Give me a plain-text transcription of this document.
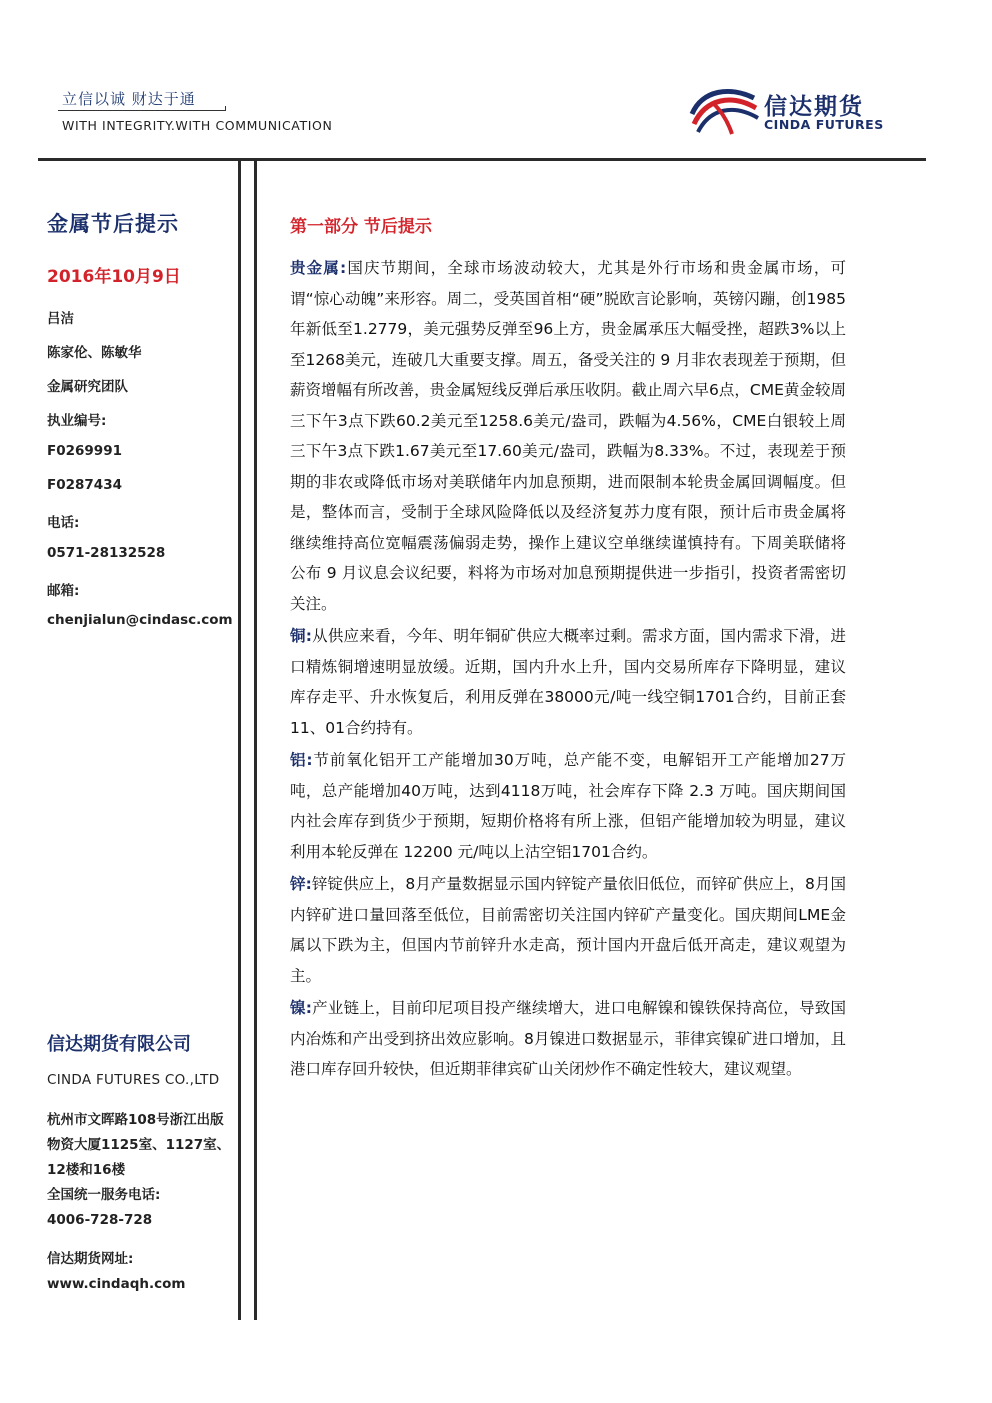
立信以诚 财达于通
WITH INTEGRITY.WITH COMMUNICATION
信达期货
CINDA FUTURES
金属节后提示
2016年10月9日
吕洁
陈家伦、陈敏华
金属研究团队
执业编号:
F0269991
F0287434
电话:
0571-28132528
邮箱:
chenjialun@cindasc.com
信达期货有限公司
CINDA FUTURES CO.,LTD
杭州市文晖路108号浙江出版物资大厦1125室、1127室、12楼和16楼
全国统一服务电话:
4006-728-728
信达期货网址:
www.cindaqh.com
第一部分 节后提示

贵金属:国庆节期间，全球市场波动较大，尤其是外行市场和贵金属市场，可谓“惊心动魄”来形容。周二，受英国首相“硬”脱欧言论影响，英镑闪蹦，创1985年新低至1.2779，美元强势反弹至96上方，贵金属承压大幅受挫，超跌3%以上至1268美元，连破几大重要支撑。周五，备受关注的 9 月非农表现差于预期，但薪资增幅有所改善，贵金属短线反弹后承压收阴。截止周六早6点，CME黄金较周三下午3点下跌60.2美元至1258.6美元/盎司，跌幅为4.56%，CME白银较上周三下午3点下跌1.67美元至17.60美元/盎司，跌幅为8.33%。不过，表现差于预期的非农或降低市场对美联储年内加息预期，进而限制本轮贵金属回调幅度。但是，整体而言，受制于全球风险降低以及经济复苏力度有限，预计后市贵金属将继续维持高位宽幅震荡偏弱走势，操作上建议空单继续谨慎持有。下周美联储将公布 9 月议息会议纪要，料将为市场对加息预期提供进一步指引，投资者需密切关注。

铜:从供应来看，今年、明年铜矿供应大概率过剩。需求方面，国内需求下滑，进口精炼铜增速明显放缓。近期，国内升水上升，国内交易所库存下降明显，建议库存走平、升水恢复后，利用反弹在38000元/吨一线空铜1701合约，目前正套11、01合约持有。

铝:节前氧化铝开工产能增加30万吨，总产能不变，电解铝开工产能增加27万吨，总产能增加40万吨，达到4118万吨，社会库存下降 2.3 万吨。国庆期间国内社会库存到货少于预期，短期价格将有所上涨，但铝产能增加较为明显，建议利用本轮反弹在 12200 元/吨以上沽空铝1701合约。

锌:锌锭供应上，8月产量数据显示国内锌锭产量依旧低位，而锌矿供应上，8月国内锌矿进口量回落至低位，目前需密切关注国内锌矿产量变化。国庆期间LME金属以下跌为主，但国内节前锌升水走高，预计国内开盘后低开高走，建议观望为主。

镍:产业链上，目前印尼项目投产继续增大，进口电解镍和镍铁保持高位，导致国内冶炼和产出受到挤出效应影响。8月镍进口数据显示，菲律宾镍矿进口增加，且港口库存回升较快，但近期菲律宾矿山关闭炒作不确定性较大，建议观望。
